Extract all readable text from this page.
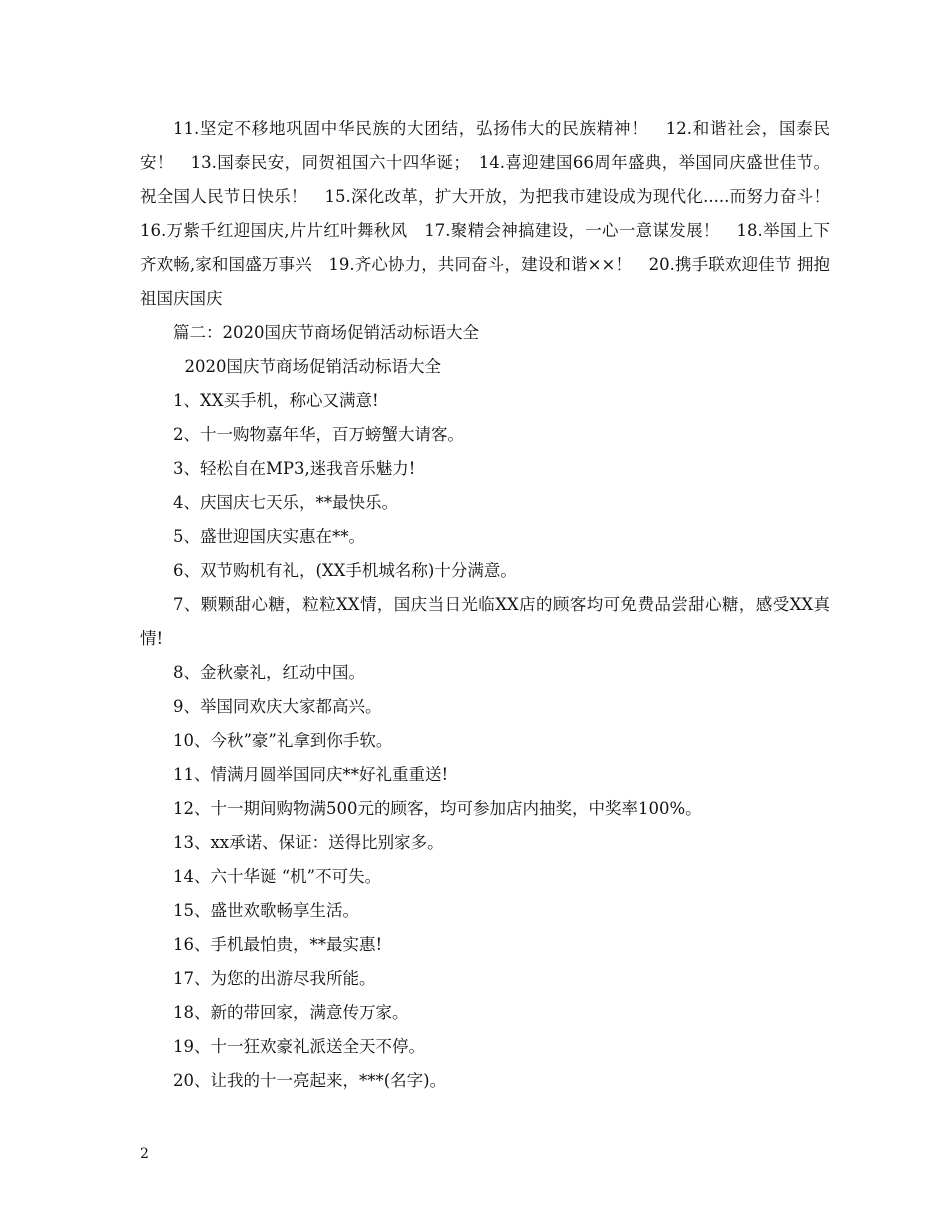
11.坚定不移地巩固中华民族的大团结，弘扬伟大的民族精神！　12.和谐社会，国泰民安！　13.国泰民安，同贺祖国六十四华诞；　14.喜迎建国66周年盛典，举国同庆盛世佳节。祝全国人民节日快乐！　15.深化改革，扩大开放，为把我市建设成为现代化.....而努力奋斗！　16.万紫千红迎国庆,片片红叶舞秋风　17.聚精会神搞建设，一心一意谋发展！　18.举国上下齐欢畅,家和国盛万事兴　19.齐心协力，共同奋斗，建设和谐××！　20.携手联欢迎佳节 拥抱祖国庆国庆

篇二：2020国庆节商场促销活动标语大全

2020国庆节商场促销活动标语大全

1、XX买手机，称心又满意!

2、十一购物嘉年华，百万螃蟹大请客。

3、轻松自在MP3,迷我音乐魅力!

4、庆国庆七天乐，**最快乐。

5、盛世迎国庆实惠在**。

6、双节购机有礼，(XX手机城名称)十分满意。

7、颗颗甜心糖，粒粒XX情，国庆当日光临XX店的顾客均可免费品尝甜心糖，感受XX真情!

8、金秋豪礼，红动中国。

9、举国同欢庆大家都高兴。

10、今秋”豪”礼拿到你手软。

11、情满月圆举国同庆**好礼重重送!

12、十一期间购物满500元的顾客，均可参加店内抽奖，中奖率100%。

13、xx承诺、保证：送得比别家多。

14、六十华诞 “机”不可失。

15、盛世欢歌畅享生活。

16、手机最怕贵，**最实惠!

17、为您的出游尽我所能。

18、新的带回家，满意传万家。

19、十一狂欢豪礼派送全天不停。

20、让我的十一亮起来，***(名字)。

2
